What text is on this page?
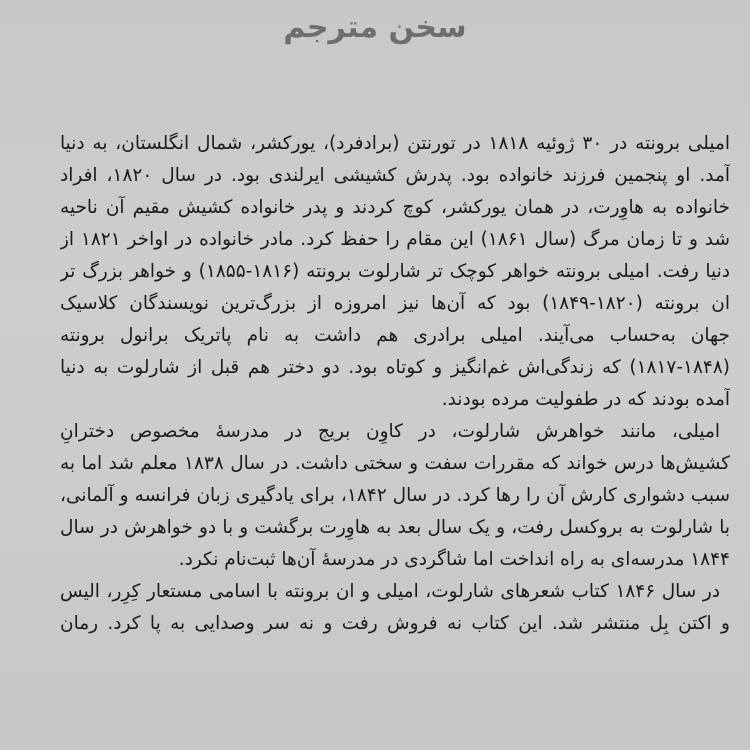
سخن مترجم
امیلی برونته در ۳۰ ژوئیه ۱۸۱۸ در تورنتن (برادفرد)، یورکشر، شمال انگلستان، به دنیا
آمد. او پنجمین فرزند خانواده بود. پدرش کشیشی ایرلندی بود. در سال ۱۸۲۰، افراد
خانواده به هاوِرت، در همان یورکشر، کوچ کردند و پدر خانواده کشیش مقیم آن ناحیه
شد و تا زمان مرگ (سال ۱۸۶۱) این مقام را حفظ کرد. مادر خانواده در اواخر ۱۸۲۱ از
دنیا رفت. امیلی برونته خواهر کوچک تر شارلوت برونته (۱۸۱۶-۱۸۵۵) و خواهر بزرگ تر
ان برونته (۱۸۲۰-۱۸۴۹) بود که آن‌ها نیز امروزه از بزرگ‌ترین نویسندگان کلاسیک
جهان به‌حساب می‌آیند. امیلی برادری هم داشت به نام پاتریک برانول برونته
(۱۸۱۷-۱۸۴۸) که زندگی‌اش غم‌انگیز و کوتاه بود. دو دختر هم قبل از شارلوت به دنیا
آمده بودند که در طفولیت مرده بودند.
امیلی، مانند خواهرش شارلوت، در کاوِن بریج در مدرسهٔ مخصوص دخترانِ
کشیش‌ها درس خواند که مقررات سفت و سختی داشت. در سال ۱۸۳۸ معلم شد اما به
سبب دشواری کارش آن را رها کرد. در سال ۱۸۴۲، برای یادگیری زبان فرانسه و آلمانی،
با شارلوت به بروکسل رفت، و یک سال بعد به هاوِرت برگشت و با دو خواهرش در سال
۱۸۴۴ مدرسه‌ای به راه انداخت اما شاگردی در مدرسهٔ آن‌ها ثبت‌نام نکرد.
در سال ۱۸۴۶ کتاب شعرهای شارلوت، امیلی و ان برونته با اسامی مستعار کِرِر، الیس
و اکتن بِل منتشر شد. این کتاب نه فروش رفت و نه سر وصدایی به پا کرد. رمان
